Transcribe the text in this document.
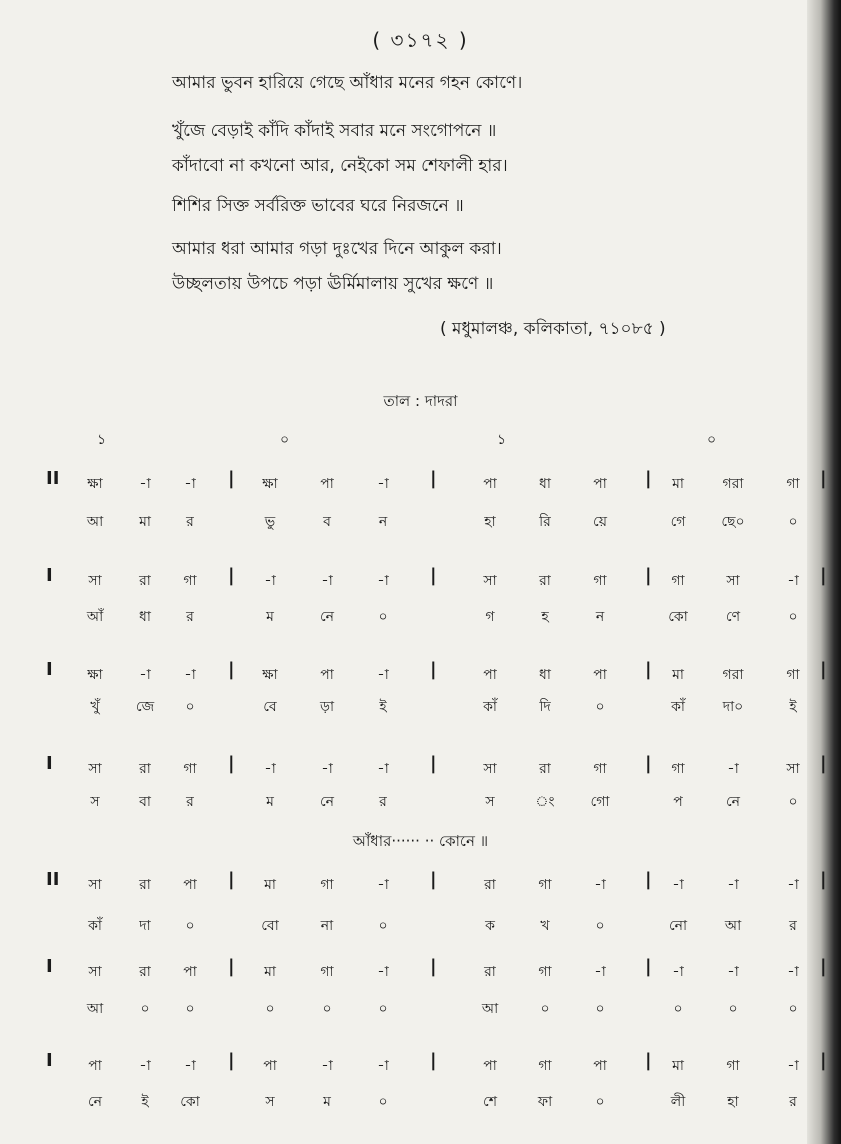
( ৩১৭২ )
আমার ভুবন হারিয়ে গেছে আঁধার মনের গহন কোণে।
খুঁজে বেড়াই কাঁদি কাঁদাই সবার মনে সংগোপনে ॥
কাঁদাবো না কখনো আর, নেইকো সম শেফালী হার।
শিশির সিক্ত সর্বরিক্ত ভাবের ঘরে নিরজনে ॥
আমার ধরা আমার গড়া দুঃখের দিনে আকুল করা।
উচ্ছলতায় উপচে পড়া ঊর্মিমালায় সুখের ক্ষণে ॥
( মধুমালঞ্চ, কলিকাতা, ৭১০৮৫ )
তাল : দাদরা
১	০	১	০
II	|	|	|	|
ক্ষা	-া	-া	ক্ষা	পা	-া	পা	ধা	পা	মা	গরা	গা
আ	মা	র	ভু	ব	ন	হা	রি	য়ে	গে	ছে০	০
I	|	|	|	|
সা	রা	গা	-া	-া	-া	সা	রা	গা	গা	সা	-া
আঁ	ধা	র	ম	নে	০	গ	হ	ন	কো	ণে	০
I	|	|	|	|
ক্ষা	-া	-া	ক্ষা	পা	-া	পা	ধা	পা	মা	গরা	গা
খুঁ	জে	০	বে	ড়া	ই	কাঁ	দি	০	কাঁ	দা০	ই
I	|	|	|	|
সা	রা	গা	-া	-া	-া	সা	রা	গা	গা	-া	সা
স	বা	র	ম	নে	র	স	ং	গো	প	নে	০
II	|	|	|	|
সা	রা	পা	মা	গা	-া	রা	গা	-া	-া	-া	-া
কাঁ	দা	০	বো	না	০	ক	খ	০	নো	আ	র
I	|	|	|	|
সা	রা	পা	মা	গা	-া	রা	গা	-া	-া	-া	-া
আ	০	০	০	০	০	আ	০	০	০	০	০
I	|	|	|	|
পা	-া	-া	পা	-া	-া	পা	গা	পা	মা	গা	-া
নে	ই	কো	স	ম	০	শে	ফা	০	লী	হা	র
আঁধার······ ·· কোনে ॥
